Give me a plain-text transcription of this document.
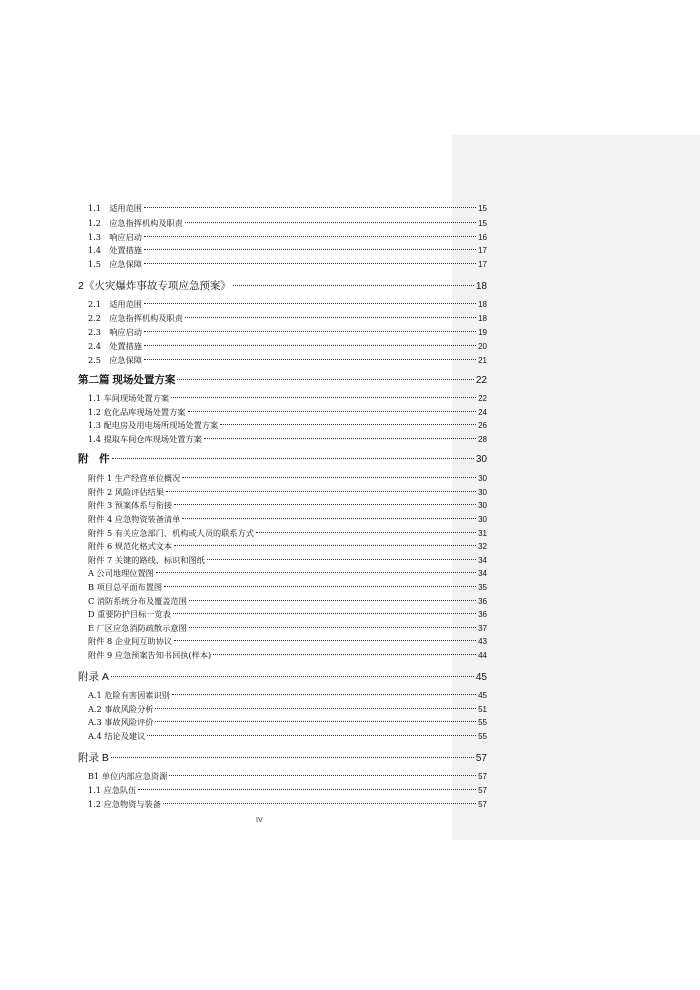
1.1　适用范围	15
1.2　应急指挥机构及职责	15
1.3　响应启动	16
1.4　处置措施	17
1.5　应急保障	17
2《火灾爆炸事故专项应急预案》	18
2.1　适用范围	18
2.2　应急指挥机构及职责	18
2.3　响应启动	19
2.4　处置措施	20
2.5　应急保障	21
第二篇 现场处置方案	22
1.1 车间现场处置方案	22
1.2 危化品库现场处置方案	24
1.3 配电房及用电场所现场处置方案	26
1.4 提取车间仓库现场处置方案	28
附　件	30
附件 1 生产经营单位概况	30
附件 2 风险评估结果	30
附件 3 预案体系与衔接	30
附件 4 应急物资装备清单	30
附件 5 有关应急部门、机构或人员的联系方式	31
附件 6 规范化格式文本	32
附件 7 关键的路线、标识和图纸	34
A 公司地理位置图	34
B 项目总平面布置图	35
C 消防系统分布及覆盖范围	36
D 重要防护目标一览表	36
E 厂区应急消防疏散示意图	37
附件 8 企业间互助协议	43
附件 9 应急预案告知书回执(样本)	44
附录 A	45
A.1 危险有害因素识别	45
A.2 事故风险分析	51
A.3 事故风险评价	55
A.4 结论及建议	55
附录 B	57
B1 单位内部应急资源	57
1.1 应急队伍	57
1.2 应急物资与装备	57
IV
